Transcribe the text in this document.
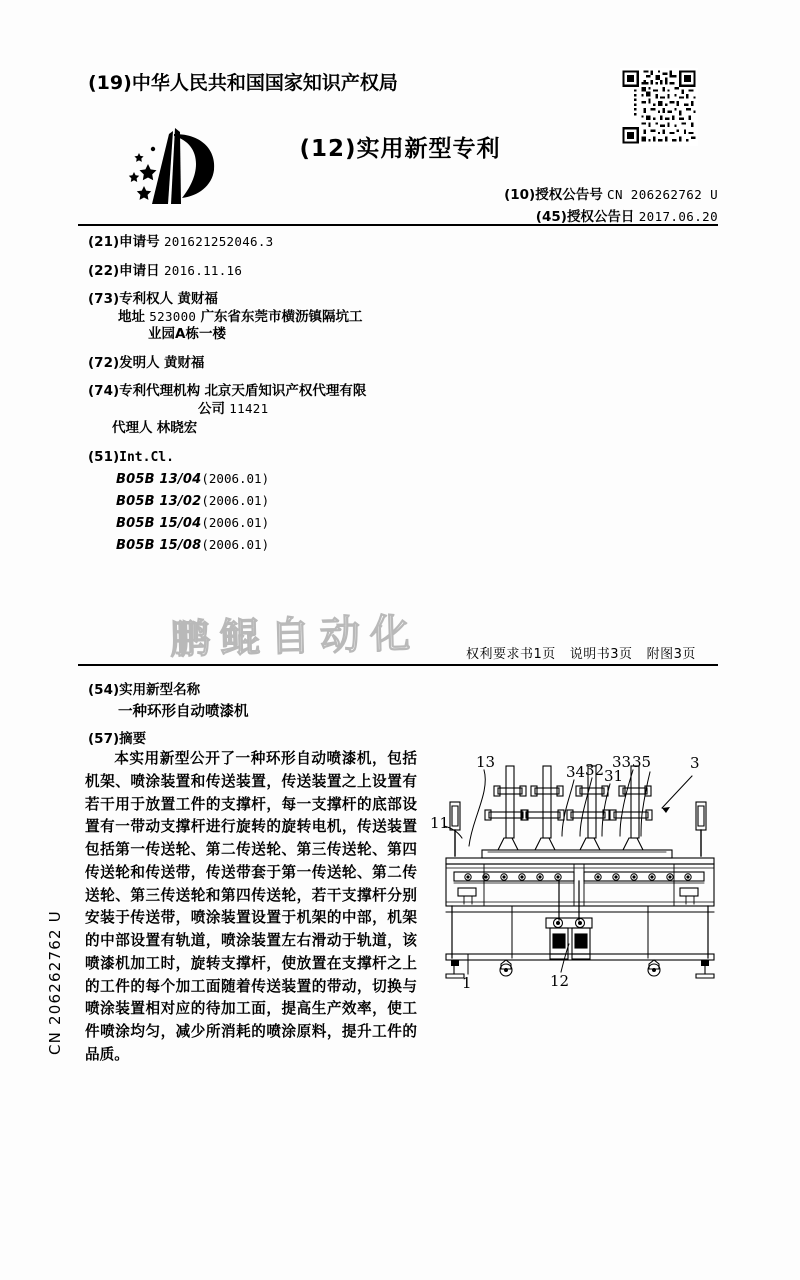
(19)中华人民共和国国家知识产权局
(12)实用新型专利
(10)授权公告号 CN 206262762 U
(45)授权公告日 2017.06.20
(21)申请号 201621252046.3
(22)申请日 2016.11.16
(73)专利权人 黄财福
地址 523000 广东省东莞市横沥镇隔坑工
业园A栋一楼
(72)发明人 黄财福
(74)专利代理机构 北京天盾知识产权代理有限
公司 11421
代理人 林晓宏
(51)Int.Cl.
B05B 13/04(2006.01)
B05B 13/02(2006.01)
B05B 15/04(2006.01)
B05B 15/08(2006.01)
鹏鲲自动化	权利要求书1页 说明书3页 附图3页
(54)实用新型名称
一种环形自动喷漆机
(57)摘要
本实用新型公开了一种环形自动喷漆机，包括机架、喷涂装置和传送装置，传送装置之上设置有若干用于放置工件的支撑杆，每一支撑杆的底部设置有一带动支撑杆进行旋转的旋转电机，传送装置包括第一传送轮、第二传送轮、第三传送轮、第四传送轮和传送带，传送带套于第一传送轮、第二传送轮、第三传送轮和第四传送轮，若干支撑杆分别安装于传送带，喷涂装置设置于机架的中部，机架的中部设置有轨道，喷涂装置左右滑动于轨道，该喷漆机加工时，旋转支撑杆，使放置在支撑杆之上的工件的每个加工面随着传送装置的带动，切换与喷涂装置相对应的待加工面，提高生产效率，使工件喷涂均匀，减少所消耗的喷涂原料，提升工件的品质。
CN 206262762 U
13
11
34 32 31
33 35	3
1	12
